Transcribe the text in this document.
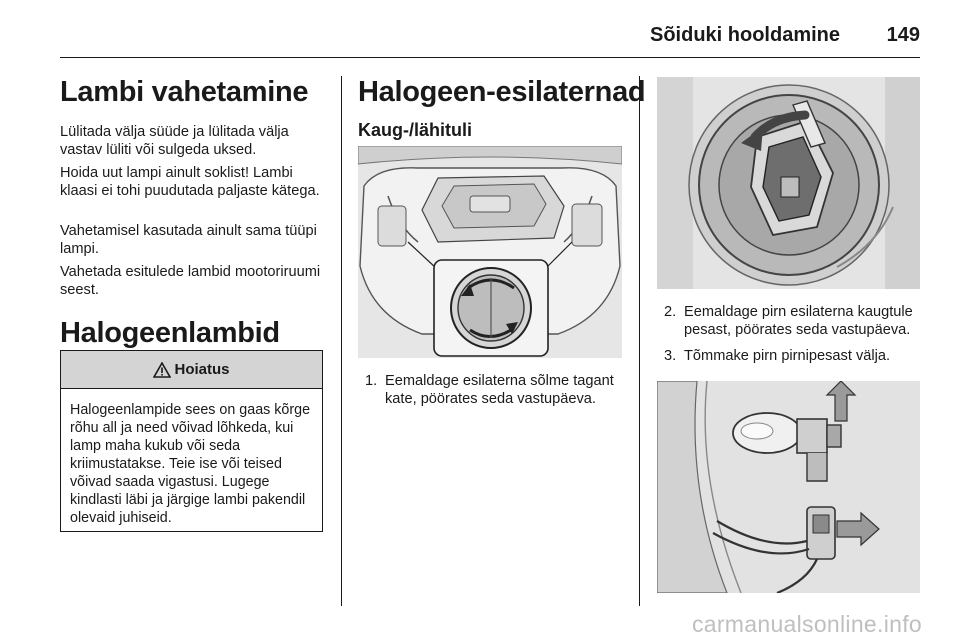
Sõiduki hooldamine 149
Lambi vahetamine

Lülitada välja süüde ja lülitada välja vastav lüliti või sulgeda uksed.

Hoida uut lampi ainult soklist! Lambi klaasi ei tohi puudutada paljaste kätega.

Vahetamisel kasutada ainult sama tüüpi lampi.

Vahetada esitulede lambid mootoriruumi seest.

Halogeenlambid
Hoiatus
Halogeenlampide sees on gaas kõrge rõhu all ja need võivad lõhkeda, kui lamp maha kukub või seda kriimustatakse. Teie ise või teised võivad saada vigastusi. Lugege kindlasti läbi ja järgige lambi pakendil olevaid juhiseid.
Halogeen-esilaternad
Kaug-/lähituli
1. Eemaldage esilaterna sõlme tagant kate, pöörates seda vastupäeva.
2. Eemaldage pirn esilaterna kaugtule pesast, pöörates seda vastupäeva.
3. Tõmmake pirn pirnipesast välja.
carmanualsonline.info
